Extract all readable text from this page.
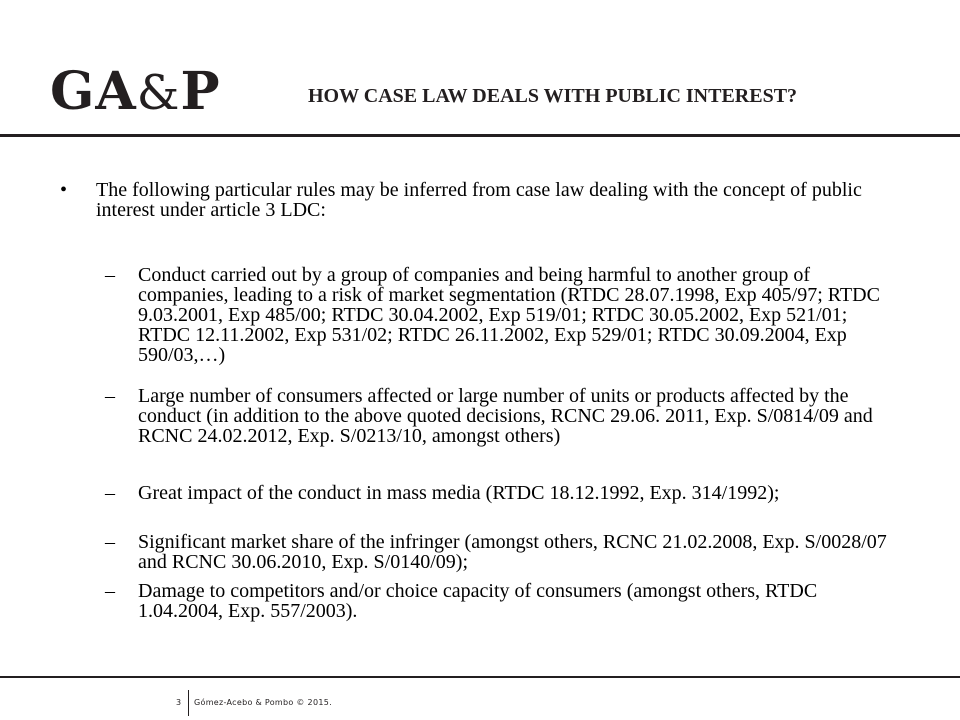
GA&P	HOW CASE LAW DEALS WITH PUBLIC INTEREST?
• The following particular rules may be inferred from case law dealing with the concept of public interest under article 3 LDC:
– Conduct carried out by a group of companies and being harmful to another group of companies, leading to a risk of market segmentation (RTDC 28.07.1998, Exp 405/97; RTDC 9.03.2001, Exp 485/00; RTDC 30.04.2002, Exp 519/01; RTDC 30.05.2002, Exp 521/01; RTDC 12.11.2002, Exp 531/02; RTDC 26.11.2002, Exp 529/01; RTDC 30.09.2004, Exp 590/03,…)
– Large number of consumers affected or large number of units or products affected by the conduct (in addition to the above quoted decisions, RCNC 29.06. 2011, Exp. S/0814/09 and RCNC 24.02.2012, Exp. S/0213/10, amongst others)
– Great impact of the conduct in mass media (RTDC 18.12.1992, Exp. 314/1992);
– Significant market share of the infringer (amongst others, RCNC 21.02.2008, Exp. S/0028/07 and RCNC 30.06.2010, Exp. S/0140/09);
– Damage to competitors and/or choice capacity of consumers (amongst others, RTDC 1.04.2004, Exp. 557/2003).
3 Gómez-Acebo & Pombo © 2015.
